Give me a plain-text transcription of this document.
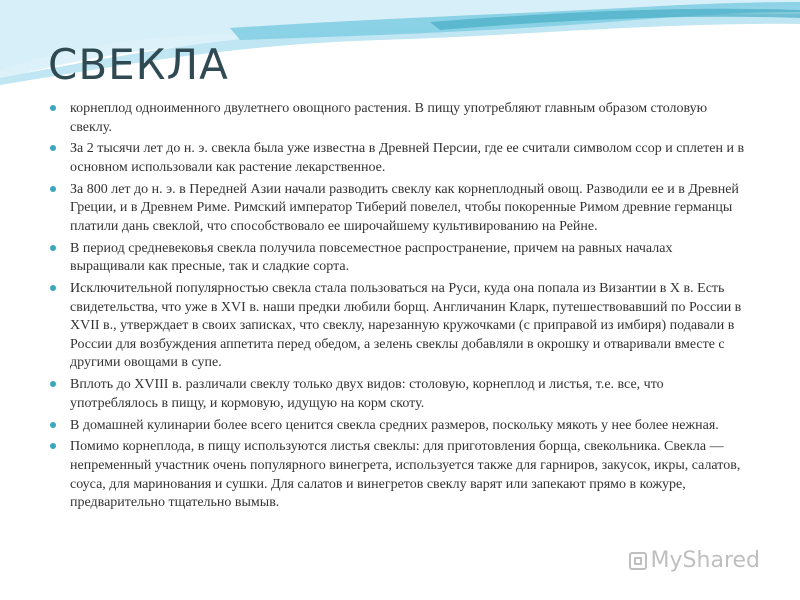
СВЕКЛА
корнеплод одноименного двулетнего овощного растения. В пищу употребляют главным образом столовую свеклу.
За 2 тысячи лет до н. э. свекла была уже известна в Древней Персии, где ее считали символом ссор и сплетен и в основном использовали как растение лекарственное.
За 800 лет до н. э. в Передней Азии начали разводить свеклу как корнеплодный овощ. Разводили ее и в Древней Греции, и в Древнем Риме. Римский император Тиберий повелел, чтобы покоренные Римом древние германцы платили дань свеклой, что способствовало ее широчайшему культивированию на Рейне.
В период средневековья свекла получила повсеместное распространение, причем на равных началах выращивали как пресные, так и сладкие сорта.
Исключительной популярностью свекла стала пользоваться на Руси, куда она попала из Византии в X в. Есть свидетельства, что уже в XVI в. наши предки любили борщ. Англичанин Кларк, путешествовавший по России в XVII в., утверждает в своих записках, что свеклу, нарезанную кружочками (с приправой из имбиря) подавали в России для возбуждения аппетита перед обедом, а зелень свеклы добавляли в окрошку и отваривали вместе с другими овощами в супе.
Вплоть до XVIII в. различали свеклу только двух видов: столовую, корнеплод и листья, т.е. все, что употреблялось в пищу, и кормовую, идущую на корм скоту.
В домашней кулинарии более всего ценится свекла средних размеров, поскольку мякоть у нее более нежная.
Помимо корнеплода, в пищу используются листья свеклы: для приготовления борща, свекольника. Свекла — непременный участник очень популярного винегрета, используется также для гарниров, закусок, икры, салатов, соуса, для маринования и сушки. Для салатов и винегретов свеклу варят или запекают прямо в кожуре, предварительно тщательно вымыв.
MyShared
